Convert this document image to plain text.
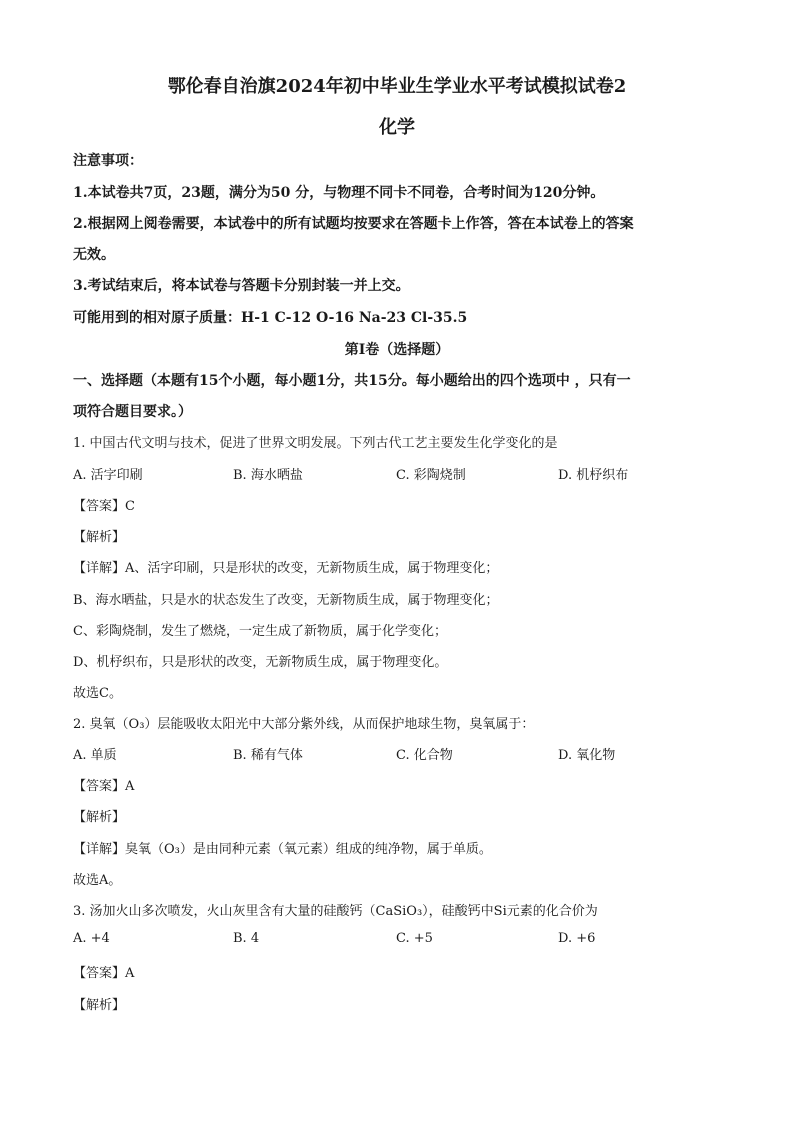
鄂伦春自治旗2024年初中毕业生学业水平考试模拟试卷2
化学
注意事项：
1.本试卷共7页，23题，满分为50 分，与物理不同卡不同卷，合考时间为120分钟。
2.根据网上阅卷需要，本试卷中的所有试题均按要求在答题卡上作答，答在本试卷上的答案
无效。
3.考试结束后，将本试卷与答题卡分别封装一并上交。
可能用到的相对原子质量：H-1 C-12 O-16 Na-23 Cl-35.5
第I卷（选择题）
一、选择题（本题有15个小题，每小题1分，共15分。每小题给出的四个选项中 ，只有一
项符合题目要求。）
1. 中国古代文明与技术，促进了世界文明发展。下列古代工艺主要发生化学变化的是
A. 活字印刷	B. 海水晒盐	C. 彩陶烧制	D. 机杼织布
【答案】C
【解析】
【详解】A、活字印刷，只是形状的改变，无新物质生成，属于物理变化；
B、海水晒盐，只是水的状态发生了改变，无新物质生成，属于物理变化；
C、彩陶烧制，发生了燃烧，一定生成了新物质，属于化学变化；
D、机杼织布，只是形状的改变，无新物质生成，属于物理变化。
故选C。
2. 臭氧（O₃）层能吸收太阳光中大部分紫外线，从而保护地球生物，臭氧属于：
A. 单质	B. 稀有气体	C. 化合物	D. 氧化物
【答案】A
【解析】
【详解】臭氧（O₃）是由同种元素（氧元素）组成的纯净物，属于单质。
故选A。
3. 汤加火山多次喷发，火山灰里含有大量的硅酸钙（CaSiO₃），硅酸钙中Si元素的化合价为
A. +4	B. 4	C. +5	D. +6
【答案】A
【解析】
